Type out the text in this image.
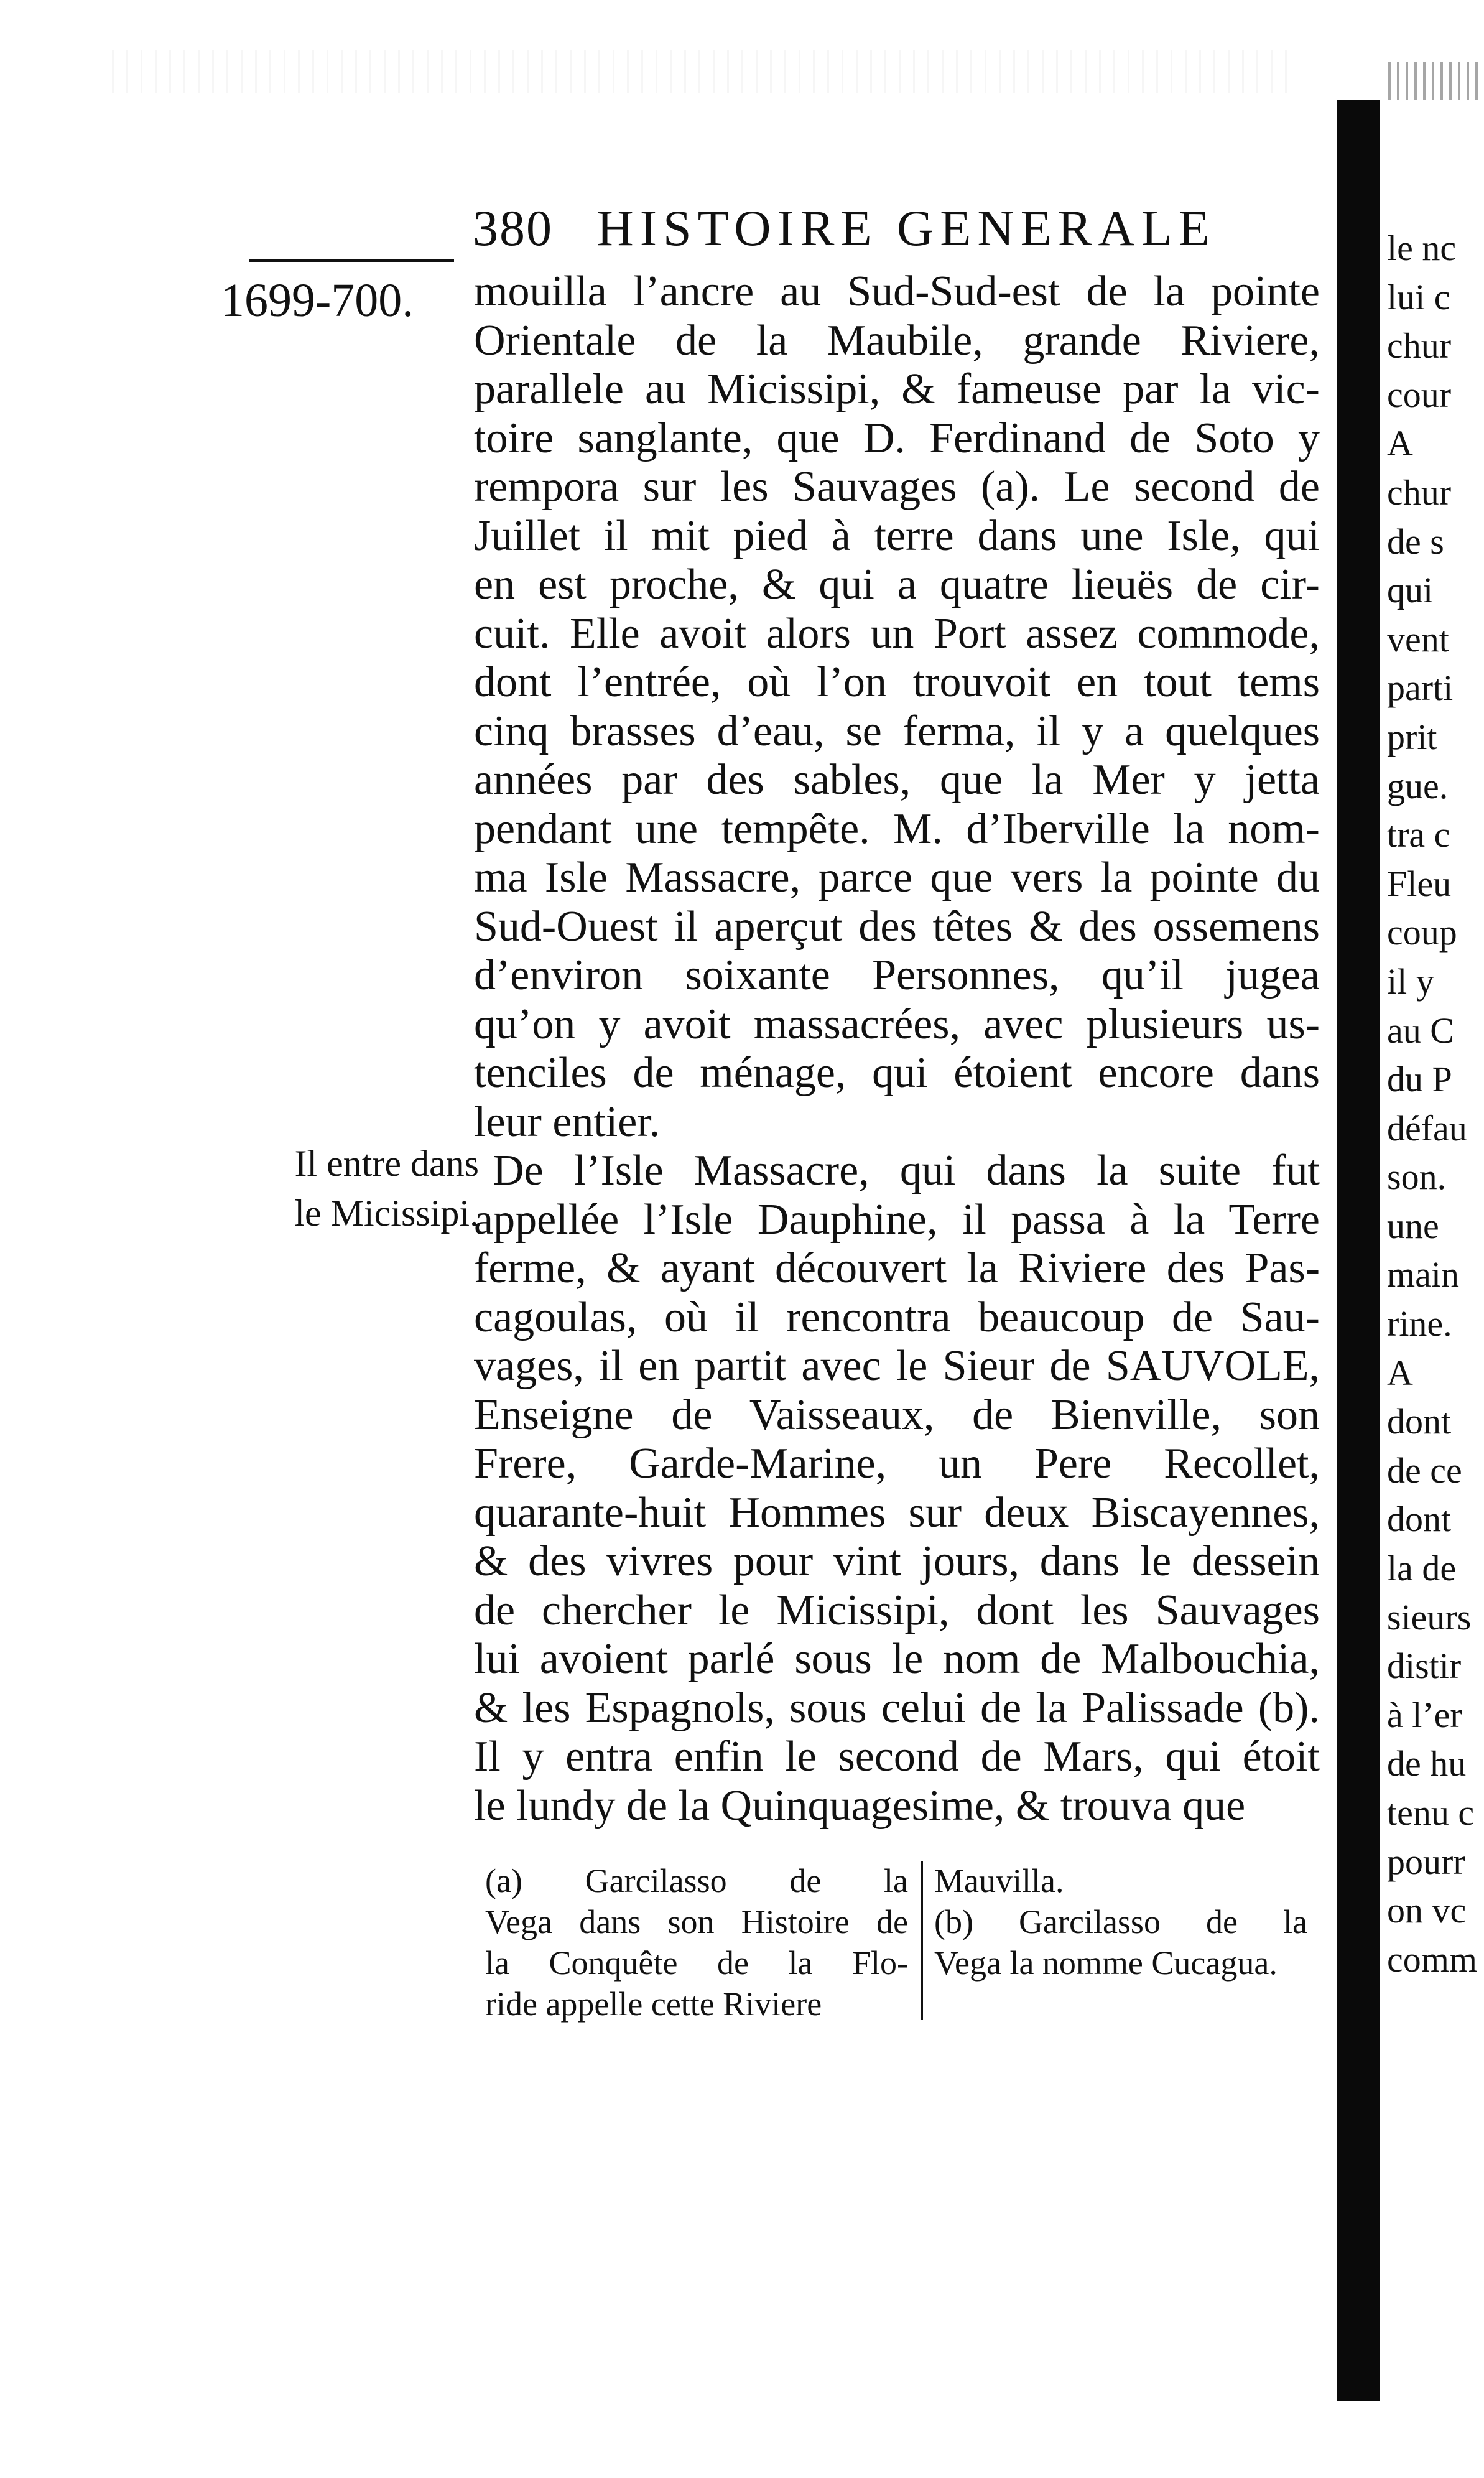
380 HISTOIRE GENERALE
1699-700.
Il entre dans
le Micissipi.
mouilla l’ancre au Sud-Sud-est de la pointe
Orientale de la Maubile, grande Riviere,
parallele au Micissipi, & fameuse par la vic-
toire sanglante, que D. Ferdinand de Soto y
rempora sur les Sauvages (a). Le second de
Juillet il mit pied à terre dans une Isle, qui
en est proche, & qui a quatre lieuës de cir-
cuit. Elle avoit alors un Port assez commode,
dont l’entrée, où l’on trouvoit en tout tems
cinq brasses d’eau, se ferma, il y a quelques
années par des sables, que la Mer y jetta
pendant une tempête. M. d’Iberville la nom-
ma Isle Massacre, parce que vers la pointe du
Sud-Ouest il aperçut des têtes & des ossemens
d’environ soixante Personnes, qu’il jugea
qu’on y avoit massacrées, avec plusieurs us-
tenciles de ménage, qui étoient encore dans
leur entier.
De l’Isle Massacre, qui dans la suite fut
appellée l’Isle Dauphine, il passa à la Terre
ferme, & ayant découvert la Riviere des Pas-
cagoulas, où il rencontra beaucoup de Sau-
vages, il en partit avec le Sieur de SAUVOLE,
Enseigne de Vaisseaux, de Bienville, son
Frere, Garde-Marine, un Pere Recollet,
quarante-huit Hommes sur deux Biscayennes,
& des vivres pour vint jours, dans le dessein
de chercher le Micissipi, dont les Sauvages
lui avoient parlé sous le nom de Malbouchia,
& les Espagnols, sous celui de la Palissade (b).
Il y entra enfin le second de Mars, qui étoit
le lundy de la Quinquagesime, & trouva que
(a) Garcilasso de la
Vega dans son Histoire de
la Conquête de la Flo-
ride appelle cette Riviere
Mauvilla.
(b) Garcilasso de la
Vega la nomme Cucagua.
le nc
lui c
chur
cour
A
chur
de s
qui
vent
parti
prit
gue.
tra c
Fleu
coup
il y
au C
du P
défau
son.
une
main
rine.
A
dont
de ce
dont
la de
sieurs
distir
à l’er
de hu
tenu c
pourr
on vc
comm
